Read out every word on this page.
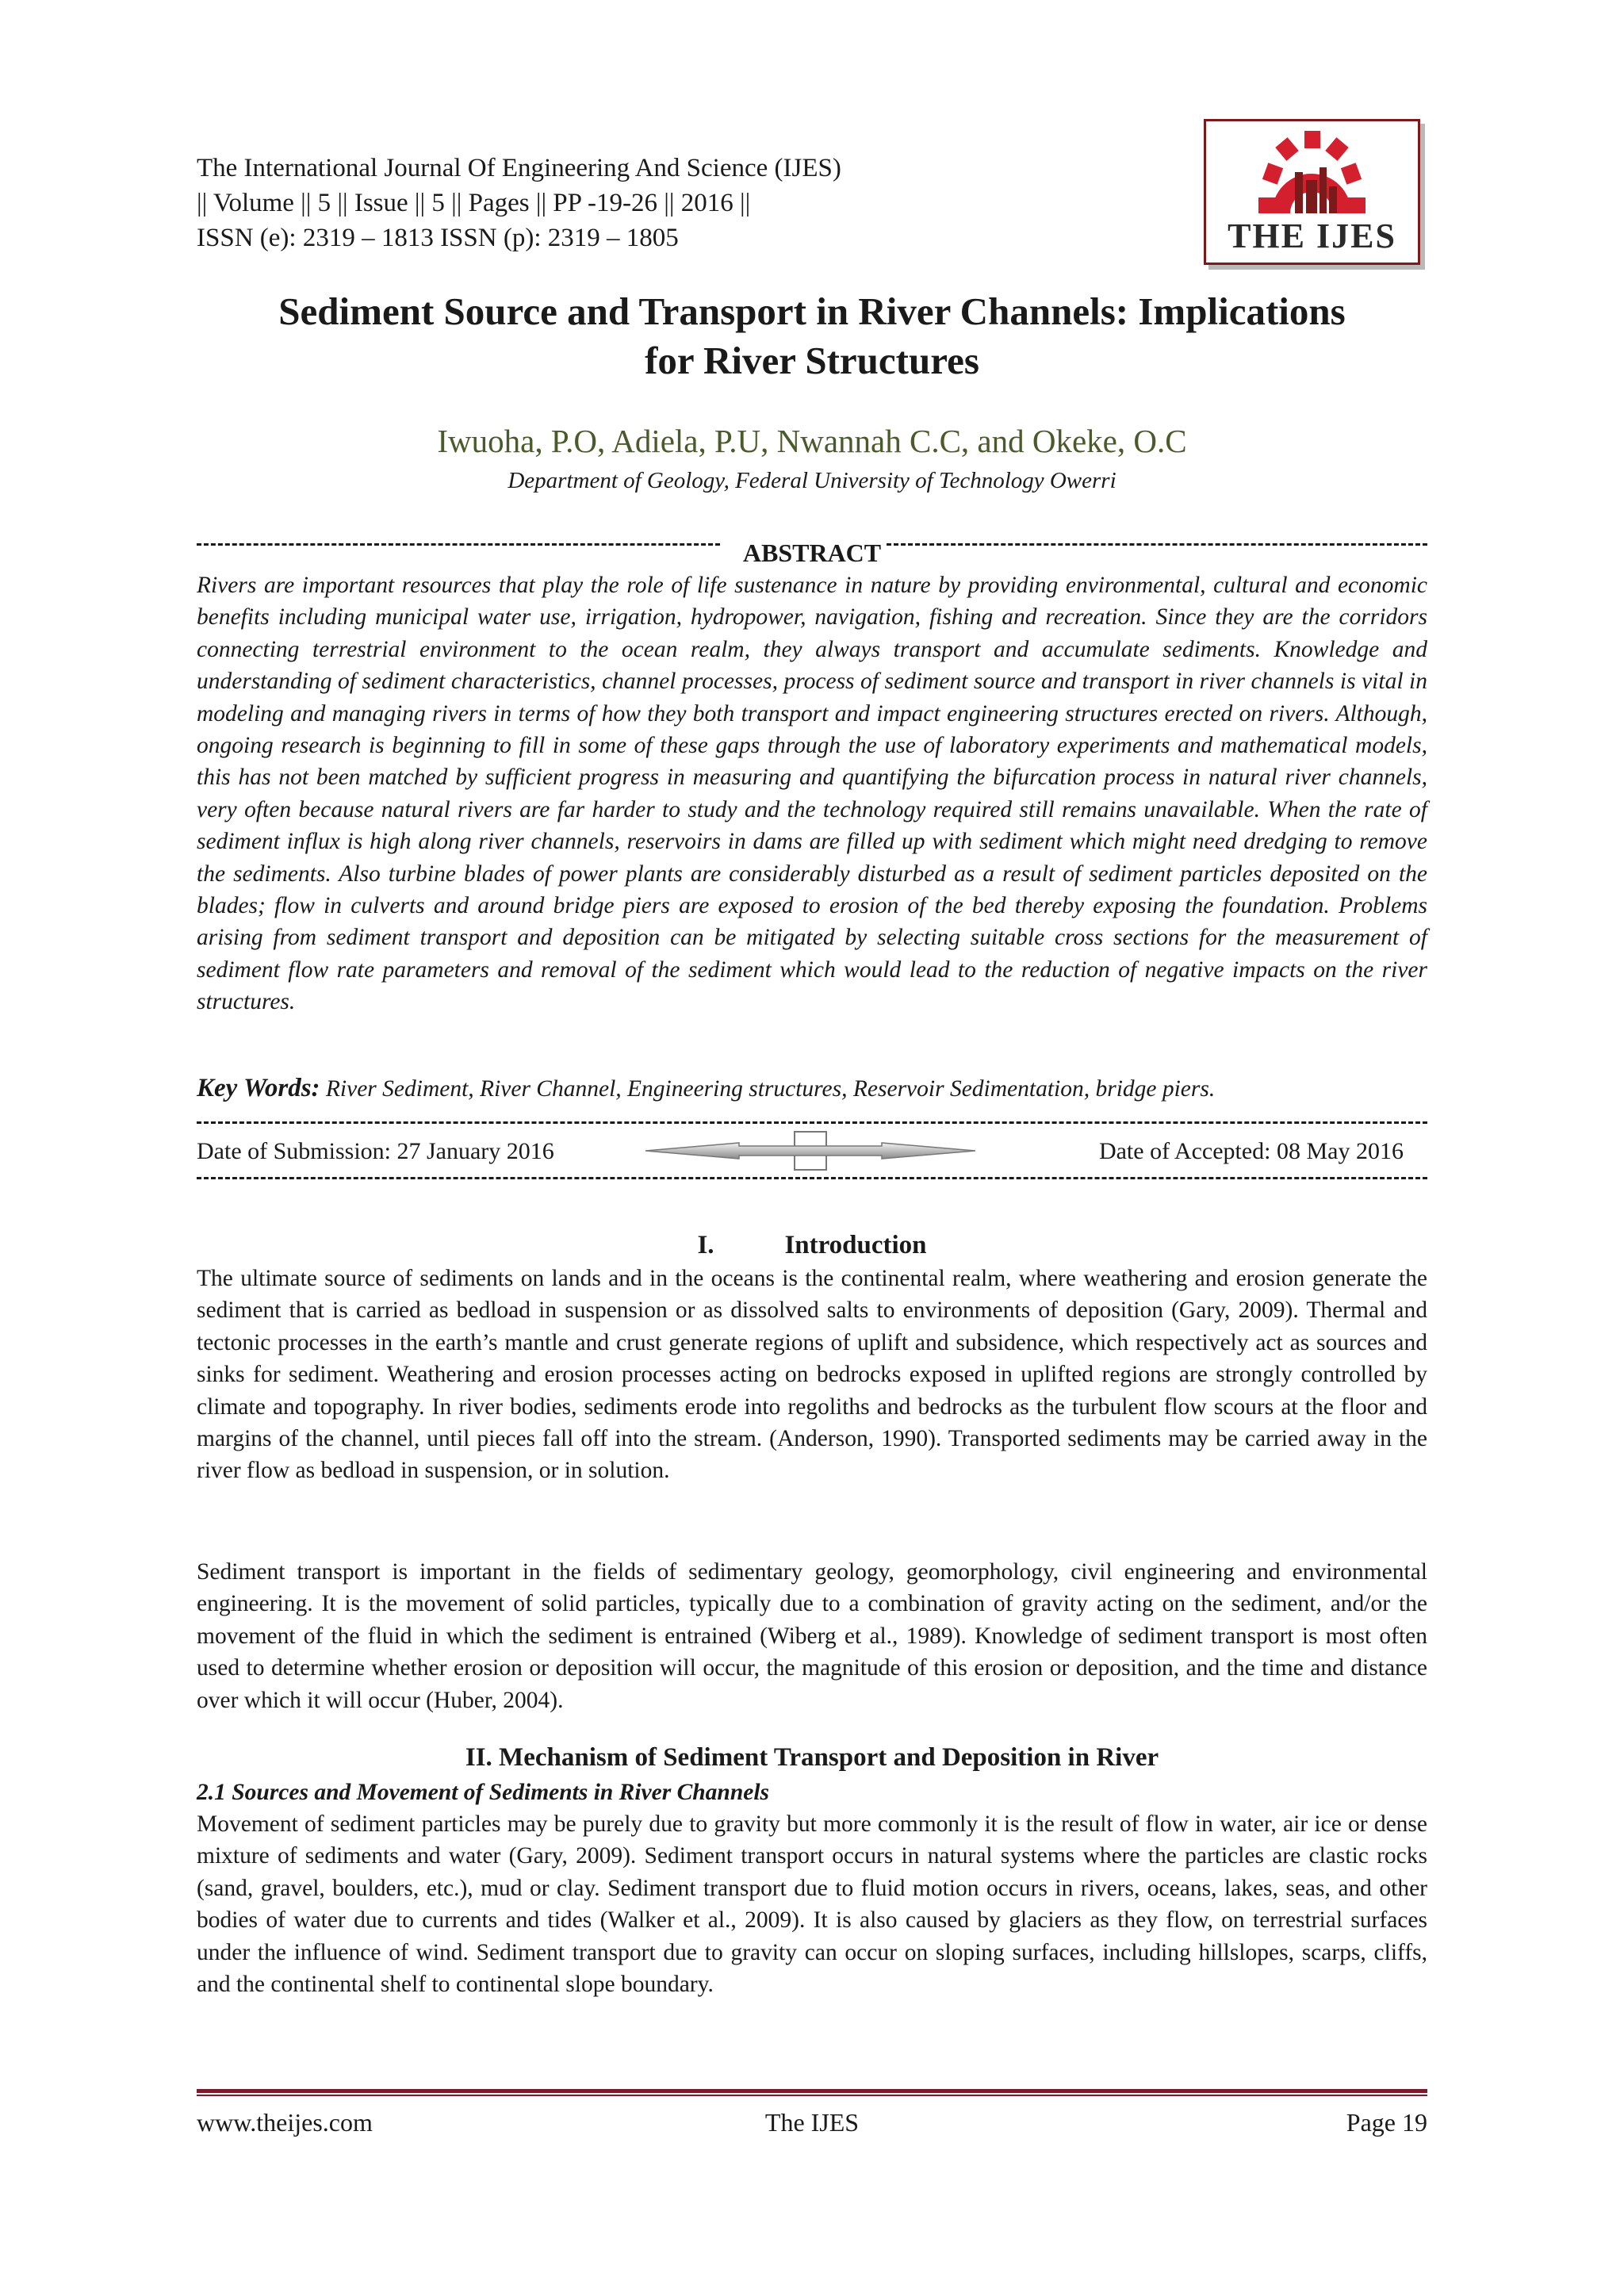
The International Journal Of Engineering And Science (IJES)
|| Volume || 5 || Issue || 5 || Pages || PP -19-26 || 2016 ||
ISSN (e): 2319 – 1813 ISSN (p): 2319 – 1805	THE IJES
Sediment Source and Transport in River Channels: Implications
for River Structures
Iwuoha, P.O, Adiela, P.U, Nwannah C.C, and Okeke, O.C
Department of Geology, Federal University of Technology Owerri
ABSTRACT
Rivers are important resources that play the role of life sustenance in nature by providing environmental, cultural and economic benefits including municipal water use, irrigation, hydropower, navigation, fishing and recreation. Since they are the corridors connecting terrestrial environment to the ocean realm, they always transport and accumulate sediments. Knowledge and understanding of sediment characteristics, channel processes, process of sediment source and transport in river channels is vital in modeling and managing rivers in terms of how they both transport and impact engineering structures erected on rivers. Although, ongoing research is beginning to fill in some of these gaps through the use of laboratory experiments and mathematical models, this has not been matched by sufficient progress in measuring and quantifying the bifurcation process in natural river channels, very often because natural rivers are far harder to study and the technology required still remains unavailable. When the rate of sediment influx is high along river channels, reservoirs in dams are filled up with sediment which might need dredging to remove the sediments. Also turbine blades of power plants are considerably disturbed as a result of sediment particles deposited on the blades; flow in culverts and around bridge piers are exposed to erosion of the bed thereby exposing the foundation. Problems arising from sediment transport and deposition can be mitigated by selecting suitable cross sections for the measurement of sediment flow rate parameters and removal of the sediment which would lead to the reduction of negative impacts on the river structures.
Key Words: River Sediment, River Channel, Engineering structures, Reservoir Sedimentation, bridge piers.
Date of Submission: 27 January 2016	Date of Accepted: 08 May 2016
I.	Introduction
The ultimate source of sediments on lands and in the oceans is the continental realm, where weathering and erosion generate the sediment that is carried as bedload in suspension or as dissolved salts to environments of deposition (Gary, 2009). Thermal and tectonic processes in the earth’s mantle and crust generate regions of uplift and subsidence, which respectively act as sources and sinks for sediment. Weathering and erosion processes acting on bedrocks exposed in uplifted regions are strongly controlled by climate and topography. In river bodies, sediments erode into regoliths and bedrocks as the turbulent flow scours at the floor and margins of the channel, until pieces fall off into the stream. (Anderson, 1990). Transported sediments may be carried away in the river flow as bedload in suspension, or in solution.
Sediment transport is important in the fields of sedimentary geology, geomorphology, civil engineering and environmental engineering. It is the movement of solid particles, typically due to a combination of gravity acting on the sediment, and/or the movement of the fluid in which the sediment is entrained (Wiberg et al., 1989). Knowledge of sediment transport is most often used to determine whether erosion or deposition will occur, the magnitude of this erosion or deposition, and the time and distance over which it will occur (Huber, 2004).
II. Mechanism of Sediment Transport and Deposition in River
2.1 Sources and Movement of Sediments in River Channels
Movement of sediment particles may be purely due to gravity but more commonly it is the result of flow in water, air ice or dense mixture of sediments and water (Gary, 2009). Sediment transport occurs in natural systems where the particles are clastic rocks (sand, gravel, boulders, etc.), mud or clay. Sediment transport due to fluid motion occurs in rivers, oceans, lakes, seas, and other bodies of water due to currents and tides (Walker et al., 2009). It is also caused by glaciers as they flow, on terrestrial surfaces under the influence of wind. Sediment transport due to gravity can occur on sloping surfaces, including hillslopes, scarps, cliffs, and the continental shelf to continental slope boundary.
www.theijes.com	The IJES	Page 19
